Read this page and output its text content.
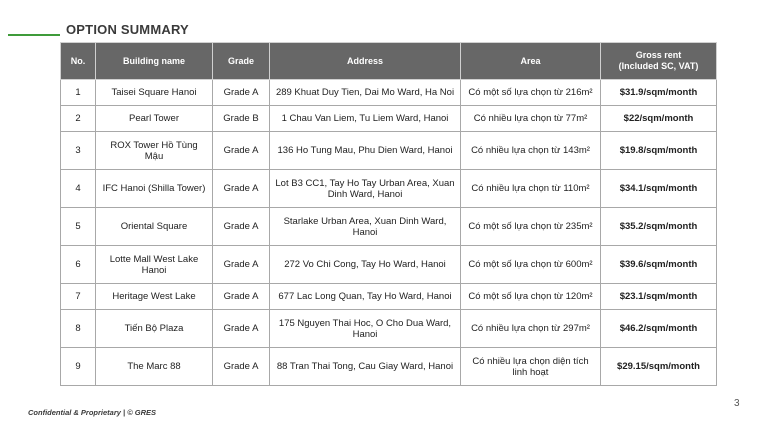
OPTION SUMMARY
No.	Building name	Grade	Address	Area	Gross rent
(Included SC, VAT)
1	Taisei Square Hanoi	Grade A	289 Khuat Duy Tien, Dai Mo Ward, Ha Noi	Có một số lựa chọn từ 216m²	$31.9/sqm/month
2	Pearl Tower	Grade B	1 Chau Van Liem, Tu Liem Ward, Hanoi	Có nhiều lựa chọn từ 77m²	$22/sqm/month
3	ROX Tower Hồ Tùng Mậu	Grade A	136 Ho Tung Mau, Phu Dien Ward, Hanoi	Có nhiều lựa chọn từ 143m²	$19.8/sqm/month
4	IFC Hanoi (Shilla Tower)	Grade A	Lot B3 CC1, Tay Ho Tay Urban Area, Xuan Dinh Ward, Hanoi	Có nhiều lựa chọn từ 110m²	$34.1/sqm/month
5	Oriental Square	Grade A	Starlake Urban Area, Xuan Dinh Ward, Hanoi	Có một số lựa chọn từ 235m²	$35.2/sqm/month
6	Lotte Mall West Lake Hanoi	Grade A	272 Vo Chi Cong, Tay Ho Ward, Hanoi	Có một số lựa chọn từ 600m²	$39.6/sqm/month
7	Heritage West Lake	Grade A	677 Lac Long Quan, Tay Ho Ward, Hanoi	Có một số lựa chọn từ 120m²	$23.1/sqm/month
8	Tiến Bộ Plaza	Grade A	175 Nguyen Thai Hoc, O Cho Dua Ward, Hanoi	Có nhiều lựa chọn từ 297m²	$46.2/sqm/month
9	The Marc 88	Grade A	88 Tran Thai Tong, Cau Giay Ward, Hanoi	Có nhiều lựa chọn diện tích linh hoạt	$29.15/sqm/month
Confidential & Proprietary | © GRES
3
